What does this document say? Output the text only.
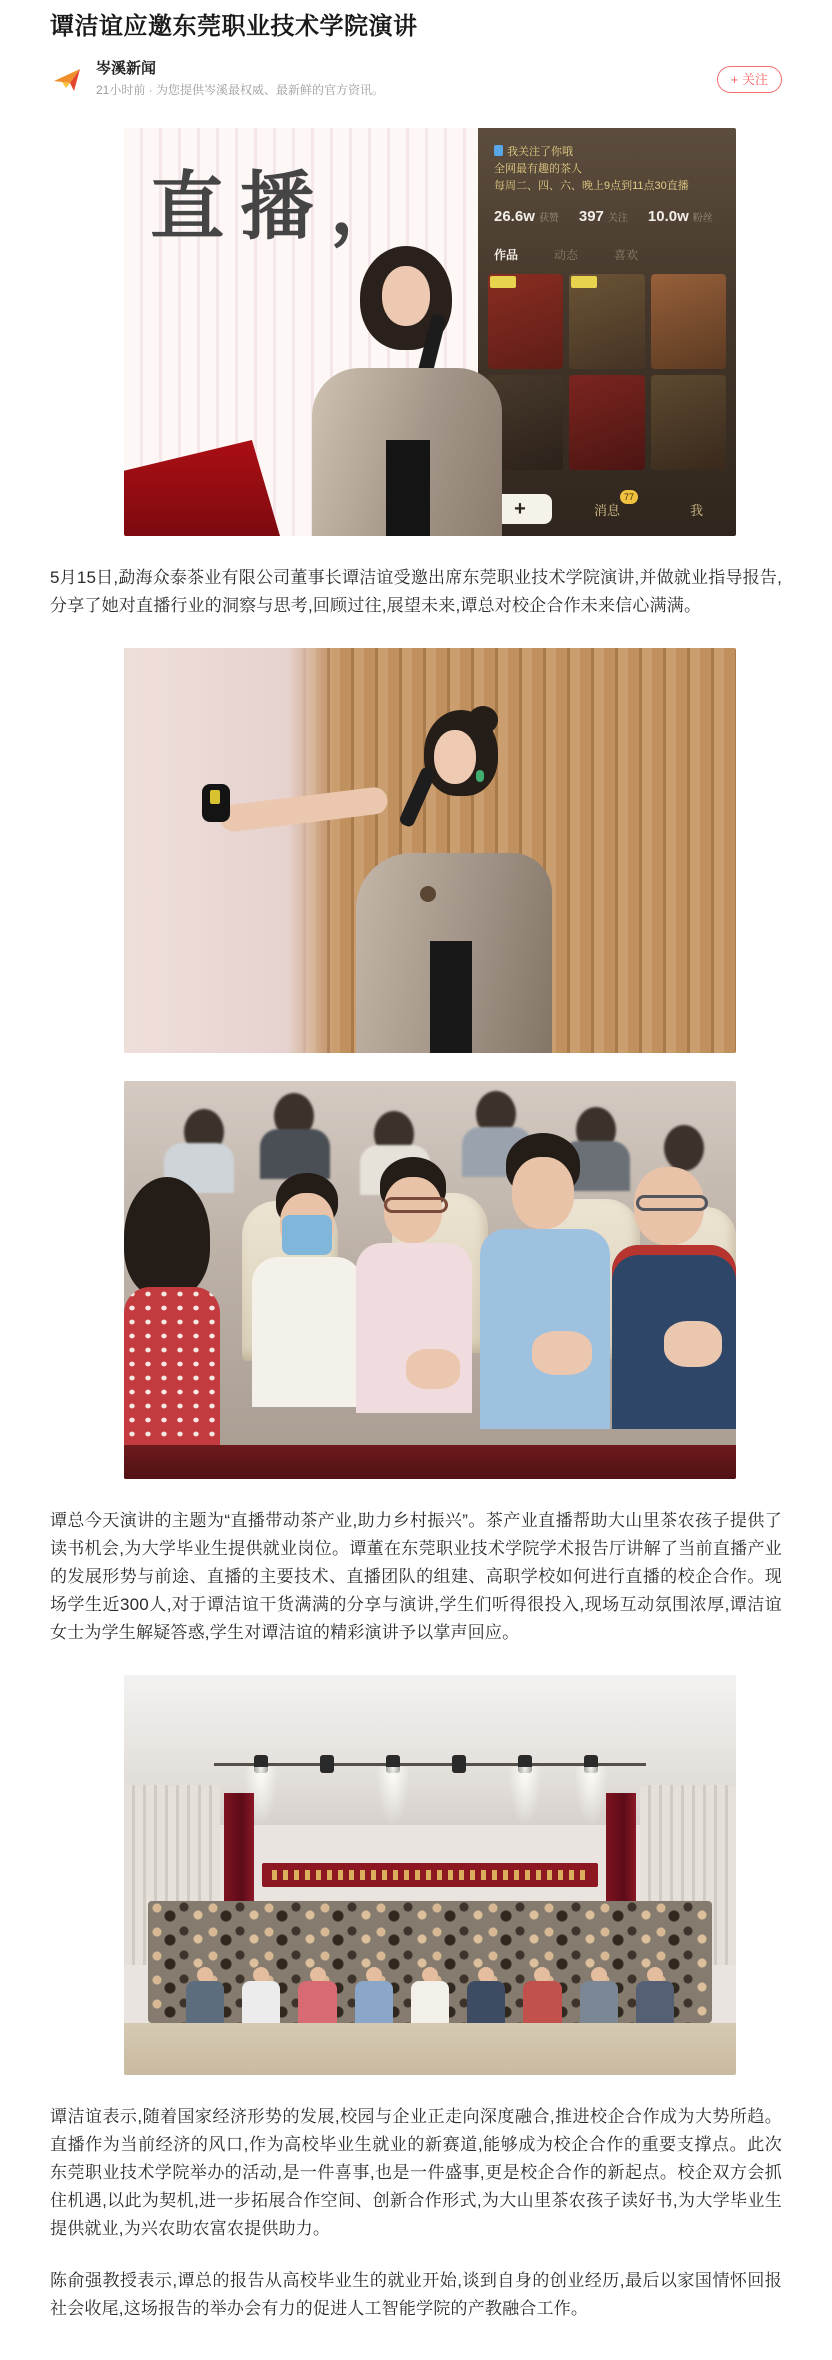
谭洁谊应邀东莞职业技术学院演讲
岑溪新闻
21小时前 · 为您提供岑溪最权威、最新鲜的官方资讯。
+ 关注
直播，

我关注了你哦
全网最有趣的茶人
每周二、四、六、晚上9点到11点30直播
26.6w 获赞 397 关注 10.0w 粉丝
作品	动态	喜欢
+	消息
77
我

5月15日,勐海众泰茶业有限公司董事长谭洁谊受邀出席东莞职业技术学院演讲,并做就业指导报告,分享了她对直播行业的洞察与思考,回顾过往,展望未来,谭总对校企合作未来信心满满。

谭总今天演讲的主题为“直播带动茶产业,助力乡村振兴”。茶产业直播帮助大山里茶农孩子提供了读书机会,为大学毕业生提供就业岗位。谭董在东莞职业技术学院学术报告厅讲解了当前直播产业的发展形势与前途、直播的主要技术、直播团队的组建、高职学校如何进行直播的校企合作。现场学生近300人,对于谭洁谊干货满满的分享与演讲,学生们听得很投入,现场互动氛围浓厚,谭洁谊女士为学生解疑答惑,学生对谭洁谊的精彩演讲予以掌声回应。

谭洁谊表示,随着国家经济形势的发展,校园与企业正走向深度融合,推进校企合作成为大势所趋。直播作为当前经济的风口,作为高校毕业生就业的新赛道,能够成为校企合作的重要支撑点。此次东莞职业技术学院举办的活动,是一件喜事,也是一件盛事,更是校企合作的新起点。校企双方会抓住机遇,以此为契机,进一步拓展合作空间、创新合作形式,为大山里茶农孩子读好书,为大学毕业生提供就业,为兴农助农富农提供助力。

陈俞强教授表示,谭总的报告从高校毕业生的就业开始,谈到自身的创业经历,最后以家国情怀回报社会收尾,这场报告的举办会有力的促进人工智能学院的产教融合工作。
